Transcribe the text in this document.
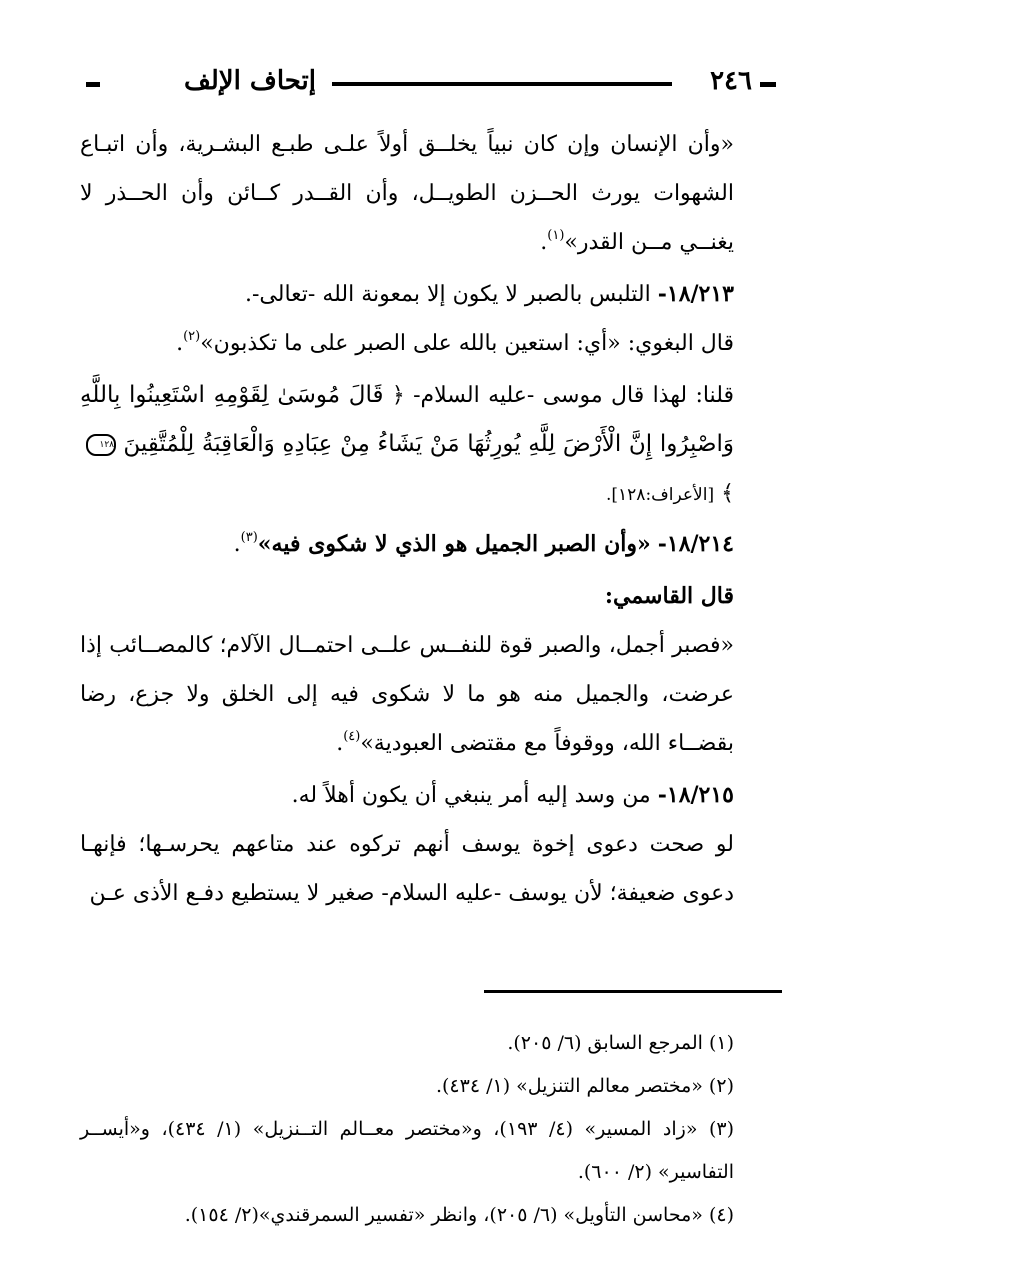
٢٤٦
إتحاف الإلف

«وأن الإنسان وإن كان نبياً يخلــق أولاً علـى طبـع البشـرية، وأن اتبـاع الشهوات يورث الحــزن الطويــل، وأن القــدر كــائن وأن الحــذر لا يغنــي مــن القدر»$^{(١)}$.

١٨/٢١٣- التلبس بالصبر لا يكون إلا بمعونة الله -تعالى-.

قال البغوي: «أي: استعين بالله على الصبر على ما تكذبون»$^{(٢)}$.

قلنا: لهذا قال موسى -عليه السلام- ﴿ قَالَ مُوسَىٰ لِقَوْمِهِ اسْتَعِينُوا بِاللَّهِ وَاصْبِرُوا إِنَّ الْأَرْضَ لِلَّهِ يُورِثُهَا مَنْ يَشَاءُ مِنْ عِبَادِهِ وَالْعَاقِبَةُ لِلْمُتَّقِينَ ١٢٨﴾ [الأعراف:١٢٨].

١٨/٢١٤- «وأن الصبر الجميل هو الذي لا شكوى فيه»$^{(٣)}$.

قال القاسمي:

«فصبر أجمل، والصبر قوة للنفــس علــى احتمــال الآلام؛ كالمصــائب إذا عرضت، والجميل منه هو ما لا شكوى فيه إلى الخلق ولا جزع، رضا بقضــاء الله، ووقوفاً مع مقتضى العبودية»$^{(٤)}$.

١٨/٢١٥- من وسد إليه أمر ينبغي أن يكون أهلاً له.

لو صحت دعوى إخوة يوسف أنهم تركوه عند متاعهم يحرسـها؛ فإنهـا دعوى ضعيفة؛ لأن يوسف -عليه السلام- صغير لا يستطيع دفـع الأذى عـن

(١) المرجع السابق (٦/ ٢٠٥).

(٢) «مختصر معالم التنزيل» (١/ ٤٣٤).

(٣) «زاد المسير» (٤/ ١٩٣)، و«مختصر معــالم التــنزيل» (١/ ٤٣٤)، و«أيســر التفاسير» (٢/ ٦٠٠).

(٤) «محاسن التأويل» (٦/ ٢٠٥)، وانظر «تفسير السمرقندي»(٢/ ١٥٤).
